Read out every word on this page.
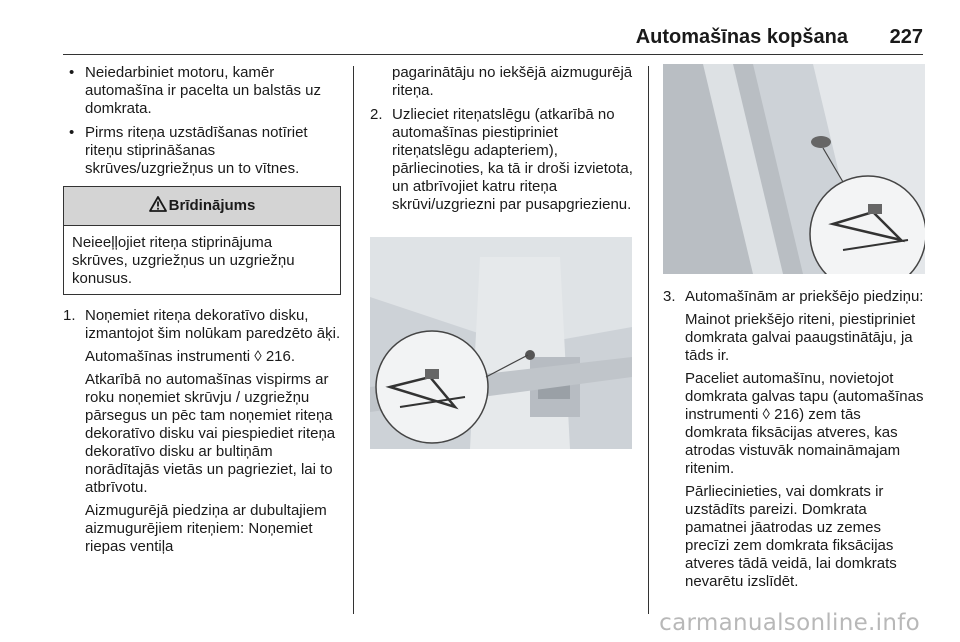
Automašīnas kopšana 227
• Neiedarbiniet motoru, kamēr automašīna ir pacelta un balstās uz domkrata.
• Pirms riteņa uzstādīšanas notīriet riteņu stiprināšanas skrūves/uzgriežņus un to vītnes.
Brīdinājums
Neieeļļojiet riteņa stiprinājuma skrūves, uzgriežņus un uzgriežņu konusus.
1. Noņemiet riteņa dekoratīvo disku, izmantojot šim nolūkam paredzēto āķi.
Automašīnas instrumenti ◊ 216.
Atkarībā no automašīnas vispirms ar roku noņemiet skrūvju / uzgriežņu pārsegus un pēc tam noņemiet riteņa dekoratīvo disku vai piespiediet riteņa dekoratīvo disku ar bultiņām norādītajās vietās un pagrieziet, lai to atbrīvotu.
Aizmugurējā piedziņa ar dubultajiem aizmugurējiem riteņiem: Noņemiet riepas ventiļa
pagarinātāju no iekšējā aizmugurējā riteņa.
2. Uzlieciet riteņatslēgu (atkarībā no automašīnas piestipriniet riteņatslēgu adapteriem), pārliecinoties, ka tā ir droši izvietota, un atbrīvojiet katru riteņa skrūvi/uzgriezni par pusapgriezienu.
3. Automašīnām ar priekšējo piedziņu:
Mainot priekšējo riteni, piestipriniet domkrata galvai paaugstinātāju, ja tāds ir.
Paceliet automašīnu, novietojot domkrata galvas tapu (automašīnas instrumenti ◊ 216) zem tās domkrata fiksācijas atveres, kas atrodas vistuvāk nomaināmajam ritenim.
Pārliecinieties, vai domkrats ir uzstādīts pareizi. Domkrata pamatnei jāatrodas uz zemes precīzi zem domkrata fiksācijas atveres tādā veidā, lai domkrats nevarētu izslīdēt.
carmanualsonline.info
